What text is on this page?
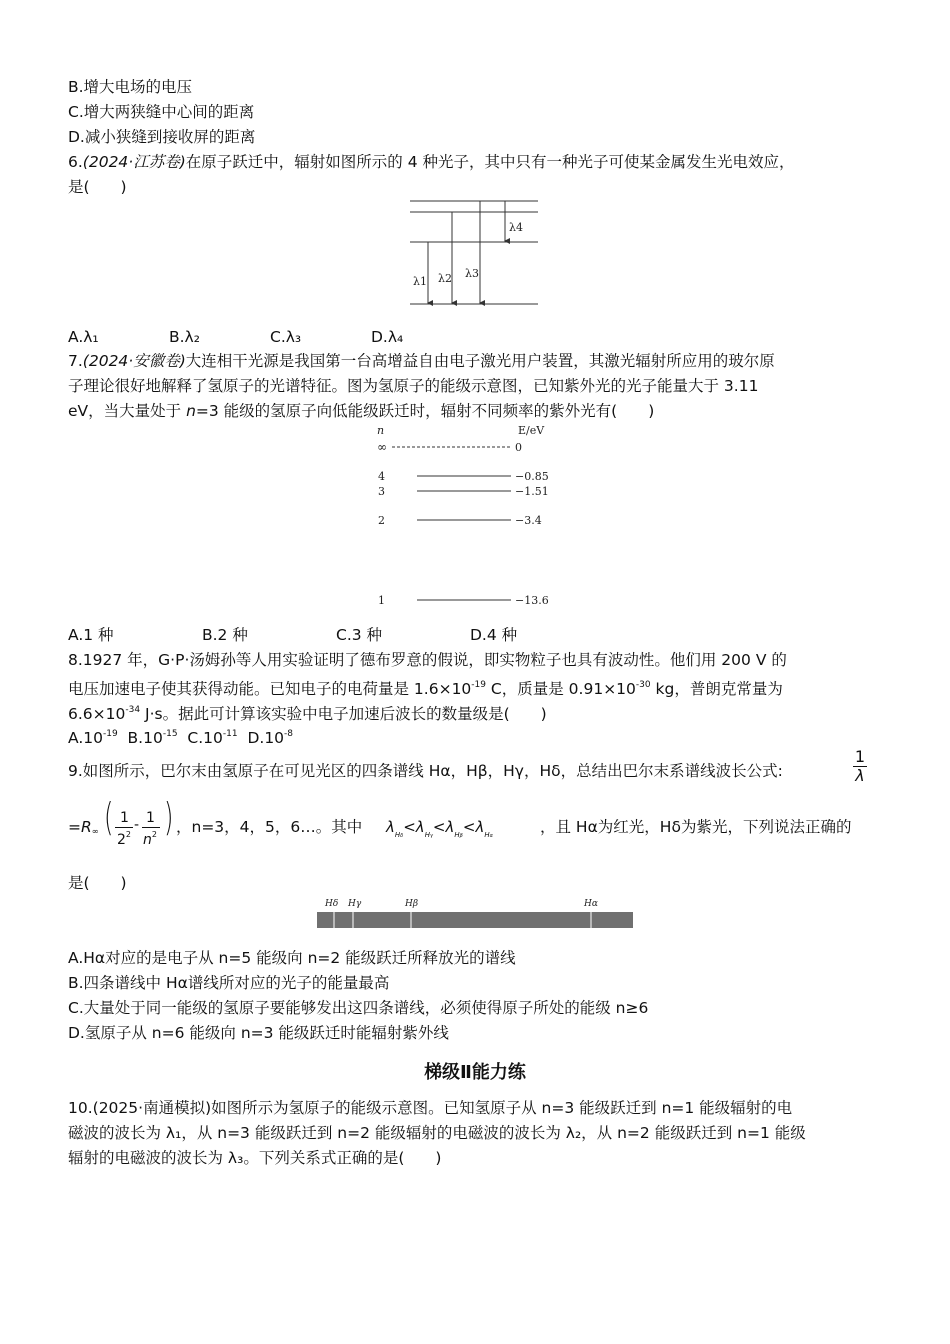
B.增大电场的电压
C.增大两狭缝中心间的距离
D.减小狭缝到接收屏的距离
6.(2024·江苏卷)在原子跃迁中，辐射如图所示的 4 种光子，其中只有一种光子可使某金属发生光电效应，
是(　　)
λ1 λ2 λ3
λ4
A.λ₁	B.λ₂	C.λ₃	D.λ₄
7.(2024·安徽卷)大连相干光源是我国第一台高增益自由电子激光用户装置，其激光辐射所应用的玻尔原
子理论很好地解释了氢原子的光谱特征。图为氢原子的能级示意图，已知紫外光的光子能量大于 3.11
eV，当大量处于 n=3 能级的氢原子向低能级跃迁时，辐射不同频率的紫外光有(　　)
n	E/eV
∞	0
4	−0.85
3	−1.51
2	−3.4
1	−13.6
A.1 种	B.2 种	C.3 种	D.4 种
8.1927 年，G·P·汤姆孙等人用实验证明了德布罗意的假说，即实物粒子也具有波动性。他们用 200 V 的
电压加速电子使其获得动能。已知电子的电荷量是 $1.6\times 10^{-19}$ C，质量是 $0.91\times 10^{-30}$ kg，普朗克常量为
$6.6\times 10^{-34}$ J·s。据此可计算该实验中电子加速后波长的数量级是(　　)
$A.10^{-19}$ $B.10^{-15}$ $C.10^{-11}$ $D.10^{-8}$
9.如图所示，巴尔末由氢原子在可见光区的四条谱线 Hα，Hβ，Hγ，Hδ，总结出巴尔末系谱线波长公式:	$\frac{1}{\lambda}$
$=R_\infty$ ( 1
$2^2$
- 1
$n^2$ ) ，n=3，4，5，6…。其中 $\lambda_{H\delta}<\lambda_{H\gamma}<\lambda_{H\beta}<\lambda_{H\alpha}$	，且 Hα为红光，Hδ为紫光，下列说法正确的
是(　　)
Hδ Hγ	Hβ	Hα
A.Hα对应的是电子从 n=5 能级向 n=2 能级跃迁所释放光的谱线
B.四条谱线中 Hα谱线所对应的光子的能量最高
C.大量处于同一能级的氢原子要能够发出这四条谱线，必须使得原子所处的能级 n≥6
D.氢原子从 n=6 能级向 n=3 能级跃迁时能辐射紫外线
梯级Ⅱ能力练
10.(2025·南通模拟)如图所示为氢原子的能级示意图。已知氢原子从 n=3 能级跃迁到 n=1 能级辐射的电
磁波的波长为 λ₁，从 n=3 能级跃迁到 n=2 能级辐射的电磁波的波长为 λ₂，从 n=2 能级跃迁到 n=1 能级
辐射的电磁波的波长为 λ₃。下列关系式正确的是(　　)
